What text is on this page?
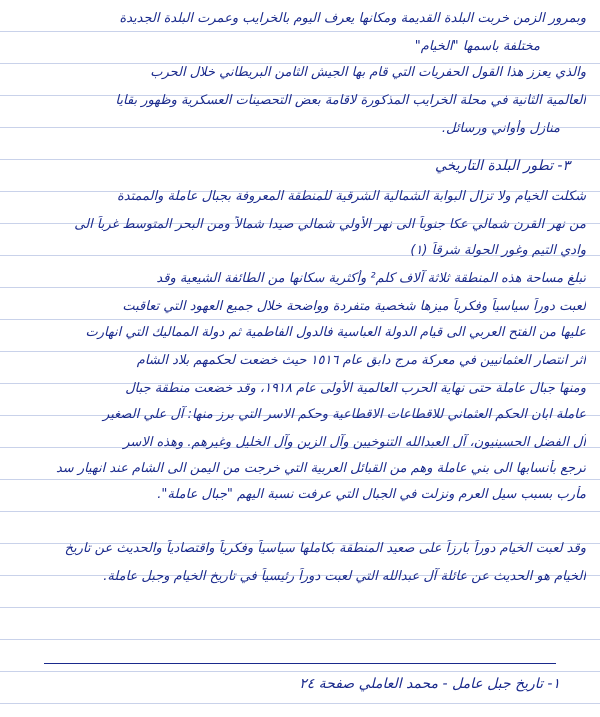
وبمرور الزمن خربت البلدة القديمة ومكانها يعرف اليوم بالخرايب وعمرت البلدة الجديدة
مختلفة باسمها "الخيام"
والذي يعزز هذا القول الحفريات التي قام بها الجيش الثامن البريطاني خلال الحرب
العالمية الثانية في محلة الخرايب المذكورة لاقامة بعض التحصينات العسكرية وظهور بقايا
منازل وأواني ورسائل.
٣- تطور البلدة التاريخي
شكلت الخيام ولا تزال البوابة الشمالية الشرقية للمنطقة المعروفة بجبال عاملة والممتدة
من نهر القرن شمالي عكا جنوباً الى نهر الأولي شمالي صيدا شمالاً ومن البحر المتوسط غرباً الى
وادي التيم وغور الحولة شرقاً (١)
تبلغ مساحة هذه المنطقة ثلاثة آلاف كلم² وأكثرية سكانها من الطائفة الشيعية وقد
لعبت دوراً سياسياً وفكرياً ميزها شخصية متفردة وواضحة خلال جميع العهود التي تعاقبت
عليها من الفتح العربي الى قيام الدولة العباسية فالدول الفاطمية ثم دولة المماليك التي انهارت
اثر انتصار العثمانيين في معركة مرج دابق عام ١٥١٦ حيث خضعت لحكمهم بلاد الشام
ومنها جبال عاملة حتى نهاية الحرب العالمية الأولى عام ١٩١٨، وقد خضعت منطقة جبال
عاملة ابان الحكم العثماني للاقطاعات الاقطاعية وحكم الاسر التي برز منها: آل علي الصغير
آل الفضل الحسينيون، آل العبدالله التنوخيين وآل الزين وآل الخليل وغيرهم. وهذه الاسر
ترجع بأنسابها الى بني عاملة وهم من القبائل العربية التي خرجت من اليمن الى الشام عند انهيار سد
مأرب بسبب سيل العرم ونزلت في الجبال التي عرفت نسبة اليهم "جبال عاملة".
وقد لعبت الخيام دوراً بارزاً على صعيد المنطقة بكاملها سياسياً وفكرياً واقتصادياً والحديث عن تاريخ
الخيام هو الحديث عن عائلة آل عبدالله التي لعبت دوراً رئيسياً في تاريخ الخيام وجبل عاملة.
١- تاريخ جبل عامل - محمد العاملي صفحة ٢٤
